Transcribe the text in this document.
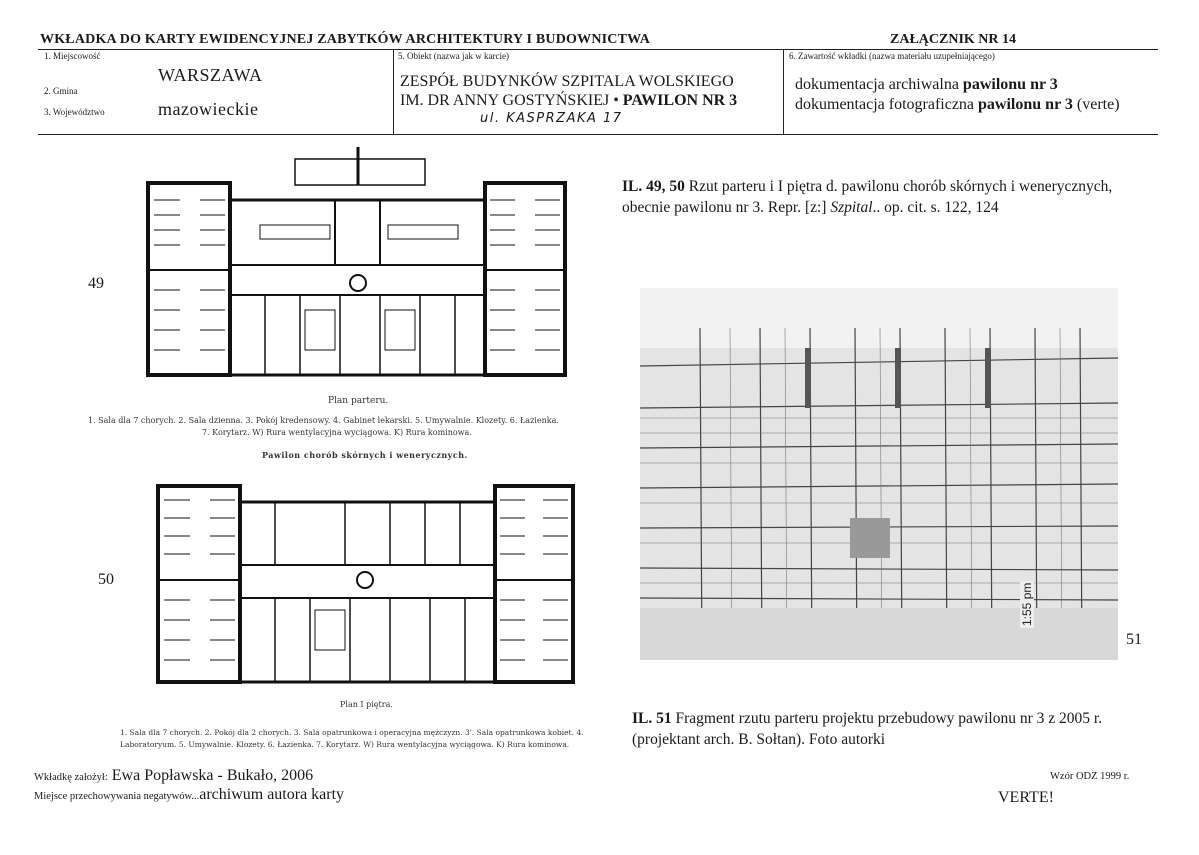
WKŁADKA DO KARTY EWIDENCYJNEJ ZABYTKÓW ARCHITEKTURY I BUDOWNICTWA	ZAŁĄCZNIK NR 14
1. Miejscowość
WARSZAWA
2. Gmina
3. Województwo	mazowieckie
5. Obiekt (nazwa jak w karcie)
ZESPÓŁ BUDYNKÓW SZPITALA WOLSKIEGO
IM. DR ANNY GOSTYŃSKIEJ • PAWILON NR 3
ul. KASPRZAKA 17
6. Zawartość wkładki (nazwa materiału uzupełniającego)
dokumentacja archiwalna pawilonu nr 3
dokumentacja fotograficzna pawilonu nr 3 (verte)
49
50
51
Plan parteru.
1. Sala dla 7 chorych. 2. Sala dzienna. 3. Pokój kredensowy. 4. Gabinet lekarski. 5. Umywalnie. Klozety. 6. Łazienka.
7. Korytarz. W) Rura wentylacyjna wyciągowa. K) Rura kominowa.
Pawilon chorób skórnych i wenerycznych.
Plan I piętra.
1. Sala dla 7 chorych. 2. Pokój dla 2 chorych. 3. Sala opatrunkowa i operacyjna mężczyzn. 3'. Sala opatrunkowa kobiet. 4.
Laboratoryum. 5. Umywalnie. Klozety. 6. Łazienka. 7. Korytarz. W) Rura wentylacyjna wyciągowa. K) Rura kominowa.
IL. 49, 50 Rzut parteru i I piętra d. pawilonu chorób skórnych i wenerycznych,
obecnie pawilonu nr 3. Repr. [z:] Szpital.. op. cit. s. 122, 124
1:55 pm
IL. 51 Fragment rzutu parteru projektu przebudowy pawilonu nr 3 z 2005 r.
(projektant arch. B. Sołtan). Foto autorki
Wkładkę założył: Ewa Popławska - Bukało, 2006
Miejsce przechowywania negatywów...archiwum autora karty
Wzór ODZ 1999 r.
VERTE!
